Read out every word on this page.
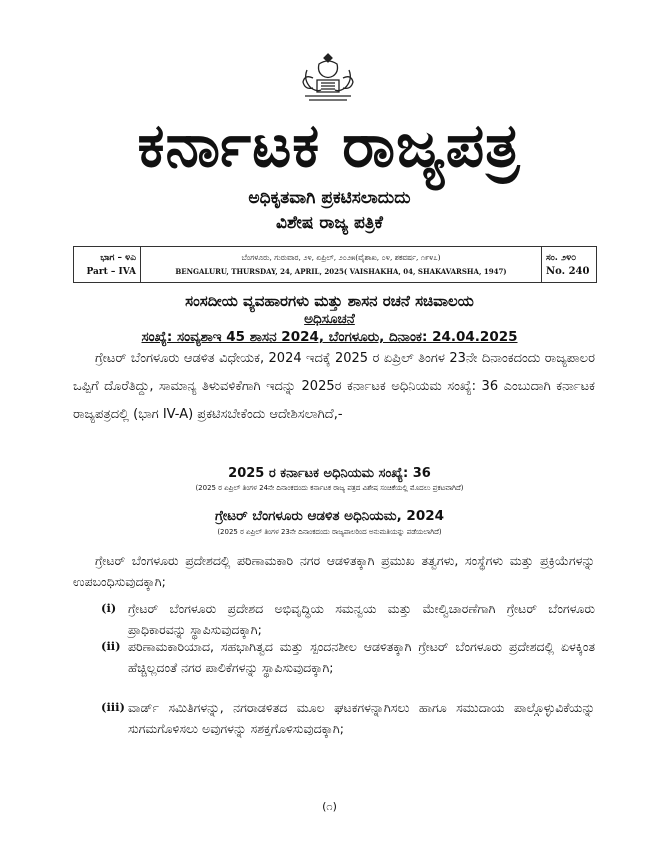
ಕರ್ನಾಟಕ ರಾಜ್ಯಪತ್ರ
ಅಧಿಕೃತವಾಗಿ ಪ್ರಕಟಿಸಲಾದುದು
ವಿಶೇಷ ರಾಜ್ಯ ಪತ್ರಿಕೆ
ಭಾಗ – ೪ಎ
Part – IVA
ಬೆಂಗಳೂರು, ಗುರುವಾರ, ೨೪, ಏಪ್ರಿಲ್, ೨೦೨೫(ವೈಶಾಖ, ೦೪, ಶಕವರ್ಷ, ೧೯೪೭)
BENGALURU, THURSDAY, 24, APRIL, 2025( VAISHAKHA, 04, SHAKAVARSHA, 1947)
ಸಂ. ೨೪೦
No. 240
ಸಂಸದೀಯ ವ್ಯವಹಾರಗಳು ಮತ್ತು ಶಾಸನ ರಚನೆ ಸಚಿವಾಲಯ
ಅಧಿಸೂಚನೆ
ಸಂಖ್ಯೆ: ಸಂವ್ಯಶಾಇ 45 ಶಾಸನ 2024, ಬೆಂಗಳೂರು, ದಿನಾಂಕ: 24.04.2025
ಗ್ರೇಟರ್ ಬೆಂಗಳೂರು ಆಡಳಿತ ವಿಧೇಯಕ, 2024 ಇದಕ್ಕೆ 2025 ರ ಏಪ್ರಿಲ್ ತಿಂಗಳ 23ನೇ ದಿನಾಂಕದಂದು ರಾಜ್ಯಪಾಲರ ಒಪ್ಪಿಗೆ ದೊರೆತಿದ್ದು, ಸಾಮಾನ್ಯ ತಿಳುವಳಿಕೆಗಾಗಿ ಇದನ್ನು 2025ರ ಕರ್ನಾಟಕ ಅಧಿನಿಯಮ ಸಂಖ್ಯೆ: 36 ಎಂಬುದಾಗಿ ಕರ್ನಾಟಕ ರಾಜ್ಯಪತ್ರದಲ್ಲಿ (ಭಾಗ IV-A) ಪ್ರಕಟಿಸಬೇಕೆಂದು ಆದೇಶಿಸಲಾಗಿದೆ,-
2025 ರ ಕರ್ನಾಟಕ ಅಧಿನಿಯಮ ಸಂಖ್ಯೆ: 36
(2025 ರ ಏಪ್ರಿಲ್ ತಿಂಗಳ 24ನೇ ದಿನಾಂಕದಂದು ಕರ್ನಾಟಕ ರಾಜ್ಯ ಪತ್ರದ ವಿಶೇಷ ಸಂಚಿಕೆಯಲ್ಲಿ ಮೊದಲು ಪ್ರಕಟವಾಗಿದೆ)
ಗ್ರೇಟರ್ ಬೆಂಗಳೂರು ಆಡಳಿತ ಅಧಿನಿಯಮ, 2024
(2025 ರ ಏಪ್ರಿಲ್ ತಿಂಗಳ 23ನೇ ದಿನಾಂಕದಂದು ರಾಜ್ಯಪಾಲರಿಂದ ಅನುಮತಿಯನ್ನು ಪಡೆಯಲಾಗಿದೆ)
ಗ್ರೇಟರ್ ಬೆಂಗಳೂರು ಪ್ರದೇಶದಲ್ಲಿ ಪರಿಣಾಮಕಾರಿ ನಗರ ಆಡಳಿತಕ್ಕಾಗಿ ಪ್ರಮುಖ ತತ್ವಗಳು, ಸಂಸ್ಥೆಗಳು ಮತ್ತು ಪ್ರಕ್ರಿಯೆಗಳನ್ನು ಉಪಬಂಧಿಸುವುದಕ್ಕಾಗಿ;
(i) ಗ್ರೇಟರ್ ಬೆಂಗಳೂರು ಪ್ರದೇಶದ ಅಭಿವೃದ್ಧಿಯ ಸಮನ್ವಯ ಮತ್ತು ಮೇಲ್ವಿಚಾರಣೆಗಾಗಿ ಗ್ರೇಟರ್ ಬೆಂಗಳೂರು ಪ್ರಾಧಿಕಾರವನ್ನು ಸ್ಥಾಪಿಸುವುದಕ್ಕಾಗಿ;
(ii) ಪರಿಣಾಮಕಾರಿಯಾದ, ಸಹಭಾಗಿತ್ವದ ಮತ್ತು ಸ್ಪಂದನಶೀಲ ಆಡಳಿತಕ್ಕಾಗಿ ಗ್ರೇಟರ್ ಬೆಂಗಳೂರು ಪ್ರದೇಶದಲ್ಲಿ ಏಳಕ್ಕಿಂತ ಹೆಚ್ಚಿಲ್ಲದಂತೆ ನಗರ ಪಾಲಿಕೆಗಳನ್ನು ಸ್ಥಾಪಿಸುವುದಕ್ಕಾಗಿ;
(iii) ವಾರ್ಡ್ ಸಮಿತಿಗಳನ್ನು, ನಗರಾಡಳಿತದ ಮೂಲ ಘಟಕಗಳನ್ನಾಗಿಸಲು ಹಾಗೂ ಸಮುದಾಯ ಪಾಲ್ಗೊಳ್ಳುವಿಕೆಯನ್ನು ಸುಗಮಗೊಳಿಸಲು ಅವುಗಳನ್ನು ಸಶಕ್ತಗೊಳಿಸುವುದಕ್ಕಾಗಿ;
(೧)
